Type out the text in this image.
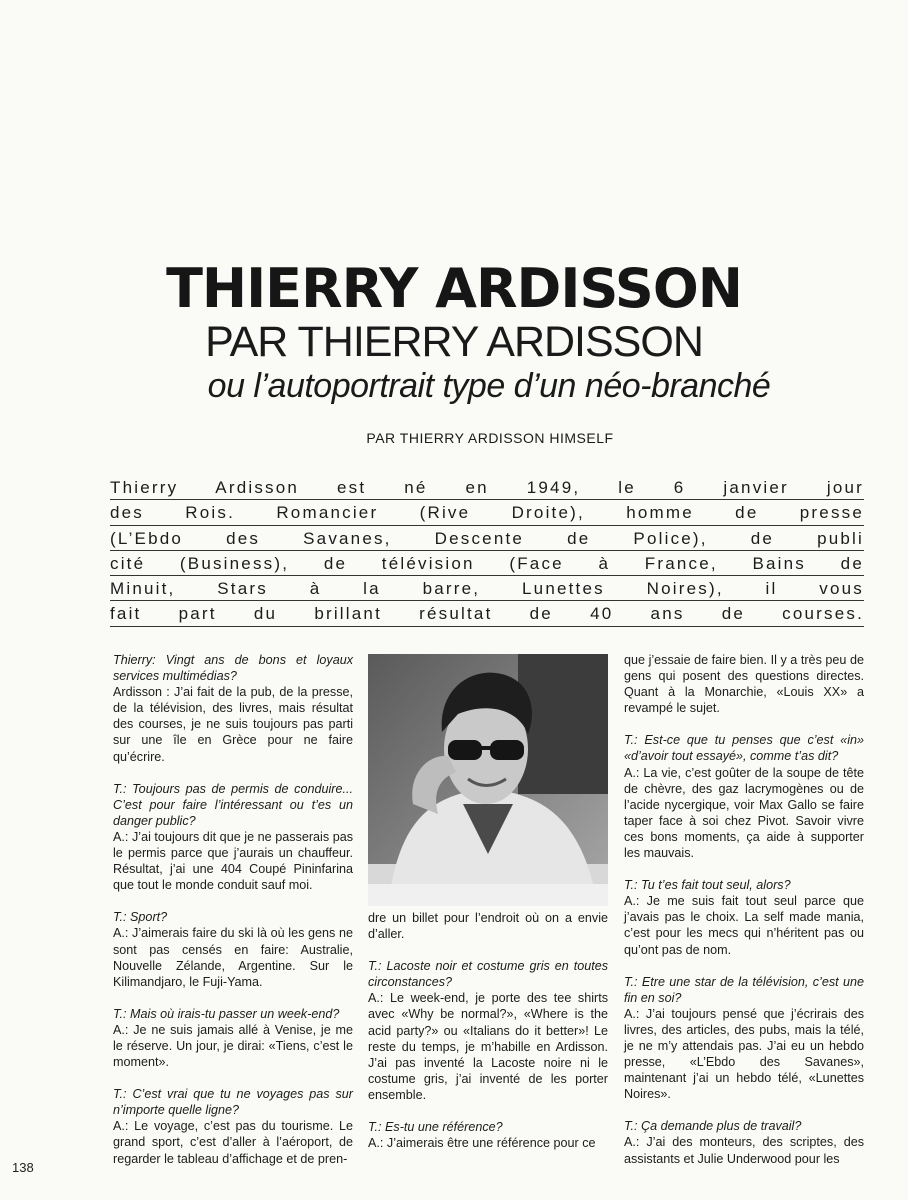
THIERRY ARDISSON
PAR THIERRY ARDISSON
ou l’autoportrait type d’un néo-branché
PAR THIERRY ARDISSON HIMSELF
Thierry Ardisson est né en 1949, le 6 janvier jour
des Rois. Romancier (Rive Droite), homme de presse
(L’Ebdo des Savanes, Descente de Police), de publi
cité (Business), de télévision (Face à France, Bains de
Minuit, Stars à la barre, Lunettes Noires), il vous
fait part du brillant résultat de 40 ans de courses.

Thierry: Vingt ans de bons et loyaux services multimédias?

Ardisson : J’ai fait de la pub, de la presse, de la télévision, des livres, mais résultat des courses, je ne suis toujours pas parti sur une île en Grèce pour ne faire qu’écrire.

T.: Toujours pas de permis de conduire... C’est pour faire l’intéressant ou t’es un danger public?

A.: J’ai toujours dit que je ne passerais pas le permis parce que j’aurais un chauffeur. Résultat, j’ai une 404 Coupé Pininfarina que tout le monde conduit sauf moi.

T.: Sport?

A.: J’aimerais faire du ski là où les gens ne sont pas censés en faire: Australie, Nouvelle Zélande, Argentine. Sur le Kilimandjaro, le Fuji-Yama.

T.: Mais où irais-tu passer un week-end?

A.: Je ne suis jamais allé à Venise, je me le réserve. Un jour, je dirai: «Tiens, c’est le moment».

T.: C’est vrai que tu ne voyages pas sur n’importe quelle ligne?

A.: Le voyage, c’est pas du tourisme. Le grand sport, c’est d’aller à l’aéroport, de regarder le tableau d’affichage et de pren-

dre un billet pour l’endroit où on a envie d’aller.

T.: Lacoste noir et costume gris en toutes circonstances?

A.: Le week-end, je porte des tee shirts avec «Why be normal?», «Where is the acid party?» ou «Italians do it better»! Le reste du temps, je m’habille en Ardisson. J’ai pas inventé la Lacoste noire ni le costume gris, j’ai inventé de les porter ensemble.

T.: Es-tu une référence?

A.: J’aimerais être une référence pour ce

que j’essaie de faire bien. Il y a très peu de gens qui posent des questions directes. Quant à la Monarchie, «Louis XX» a revampé le sujet.

T.: Est-ce que tu penses que c’est «in» «d’avoir tout essayé», comme t’as dit?

A.: La vie, c’est goûter de la soupe de tête de chèvre, des gaz lacrymogènes ou de l’acide nycergique, voir Max Gallo se faire taper face à soi chez Pivot. Savoir vivre ces bons moments, ça aide à supporter les mauvais.

T.: Tu t’es fait tout seul, alors?

A.: Je me suis fait tout seul parce que j’avais pas le choix. La self made mania, c’est pour les mecs qui n’héritent pas ou qu’ont pas de nom.

T.: Etre une star de la télévision, c’est une fin en soi?

A.: J’ai toujours pensé que j’écrirais des livres, des articles, des pubs, mais la télé, je ne m’y attendais pas. J’ai eu un hebdo presse, «L’Ebdo des Savanes», maintenant j’ai un hebdo télé, «Lunettes Noires».

T.: Ça demande plus de travail?

A.: J’ai des monteurs, des scriptes, des assistants et Julie Underwood pour les

138
